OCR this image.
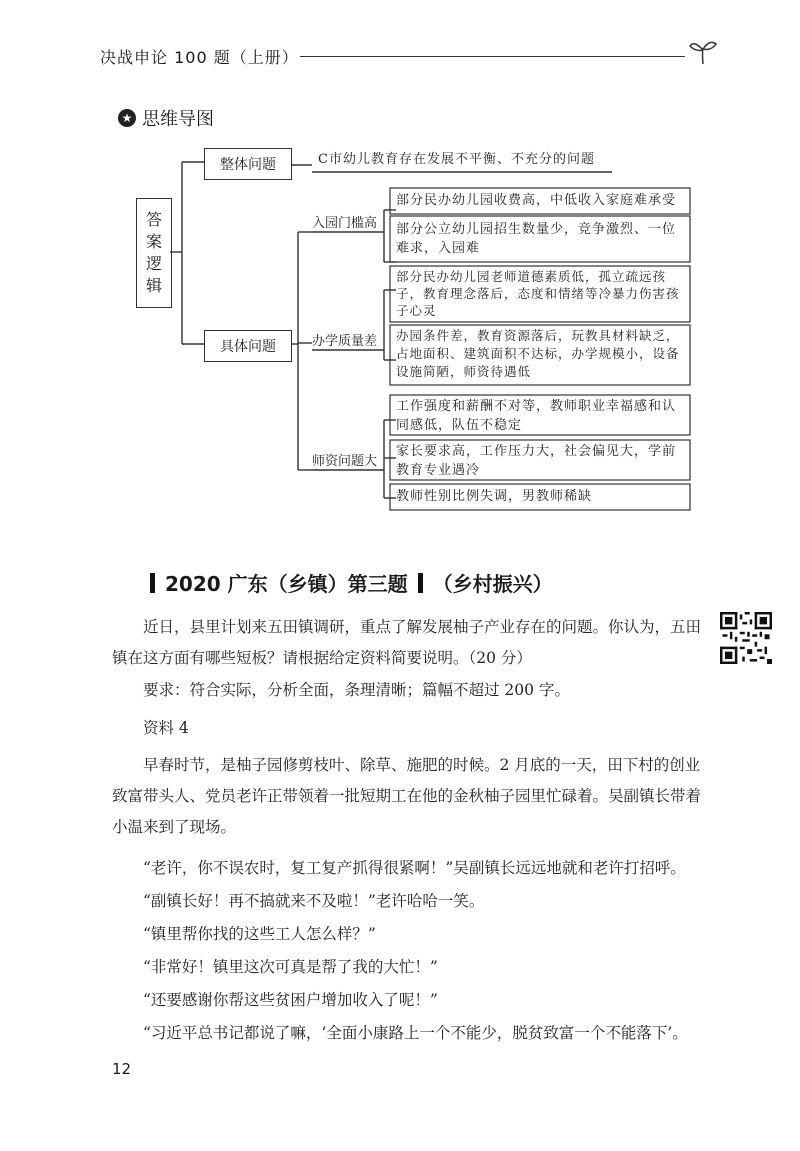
决战申论 100 题（上册）
★ 思维导图
答
案
逻
辑
整体问题	C市幼儿教育存在发展不平衡、不充分的问题
具体问题
入园门槛高
办学质量差
师资问题大
部分民办幼儿园收费高，中低收入家庭难承受
部分公立幼儿园招生数量少，竞争激烈、一位难求，入园难
部分民办幼儿园老师道德素质低，孤立疏远孩子，教育理念落后，态度和情绪等冷暴力伤害孩子心灵
办园条件差，教育资源落后，玩教具材料缺乏，占地面积、建筑面积不达标，办学规模小，设备设施简陋，师资待遇低
工作强度和薪酬不对等，教师职业幸福感和认同感低，队伍不稳定
家长要求高，工作压力大，社会偏见大，学前教育专业遇冷
教师性别比例失调，男教师稀缺
2020 广东（乡镇）第三题 （乡村振兴）
近日，县里计划来五田镇调研，重点了解发展柚子产业存在的问题。你认为，五田镇在这方面有哪些短板？请根据给定资料简要说明。（20 分）
要求：符合实际，分析全面，条理清晰；篇幅不超过 200 字。
资料 4
早春时节，是柚子园修剪枝叶、除草、施肥的时候。2 月底的一天，田下村的创业致富带头人、党员老许正带领着一批短期工在他的金秋柚子园里忙碌着。吴副镇长带着小温来到了现场。
“老许，你不误农时，复工复产抓得很紧啊！”吴副镇长远远地就和老许打招呼。
“副镇长好！再不搞就来不及啦！”老许哈哈一笑。
“镇里帮你找的这些工人怎么样？”
“非常好！镇里这次可真是帮了我的大忙！”
“还要感谢你帮这些贫困户增加收入了呢！”
“习近平总书记都说了嘛，‘全面小康路上一个不能少，脱贫致富一个不能落下’。
12
